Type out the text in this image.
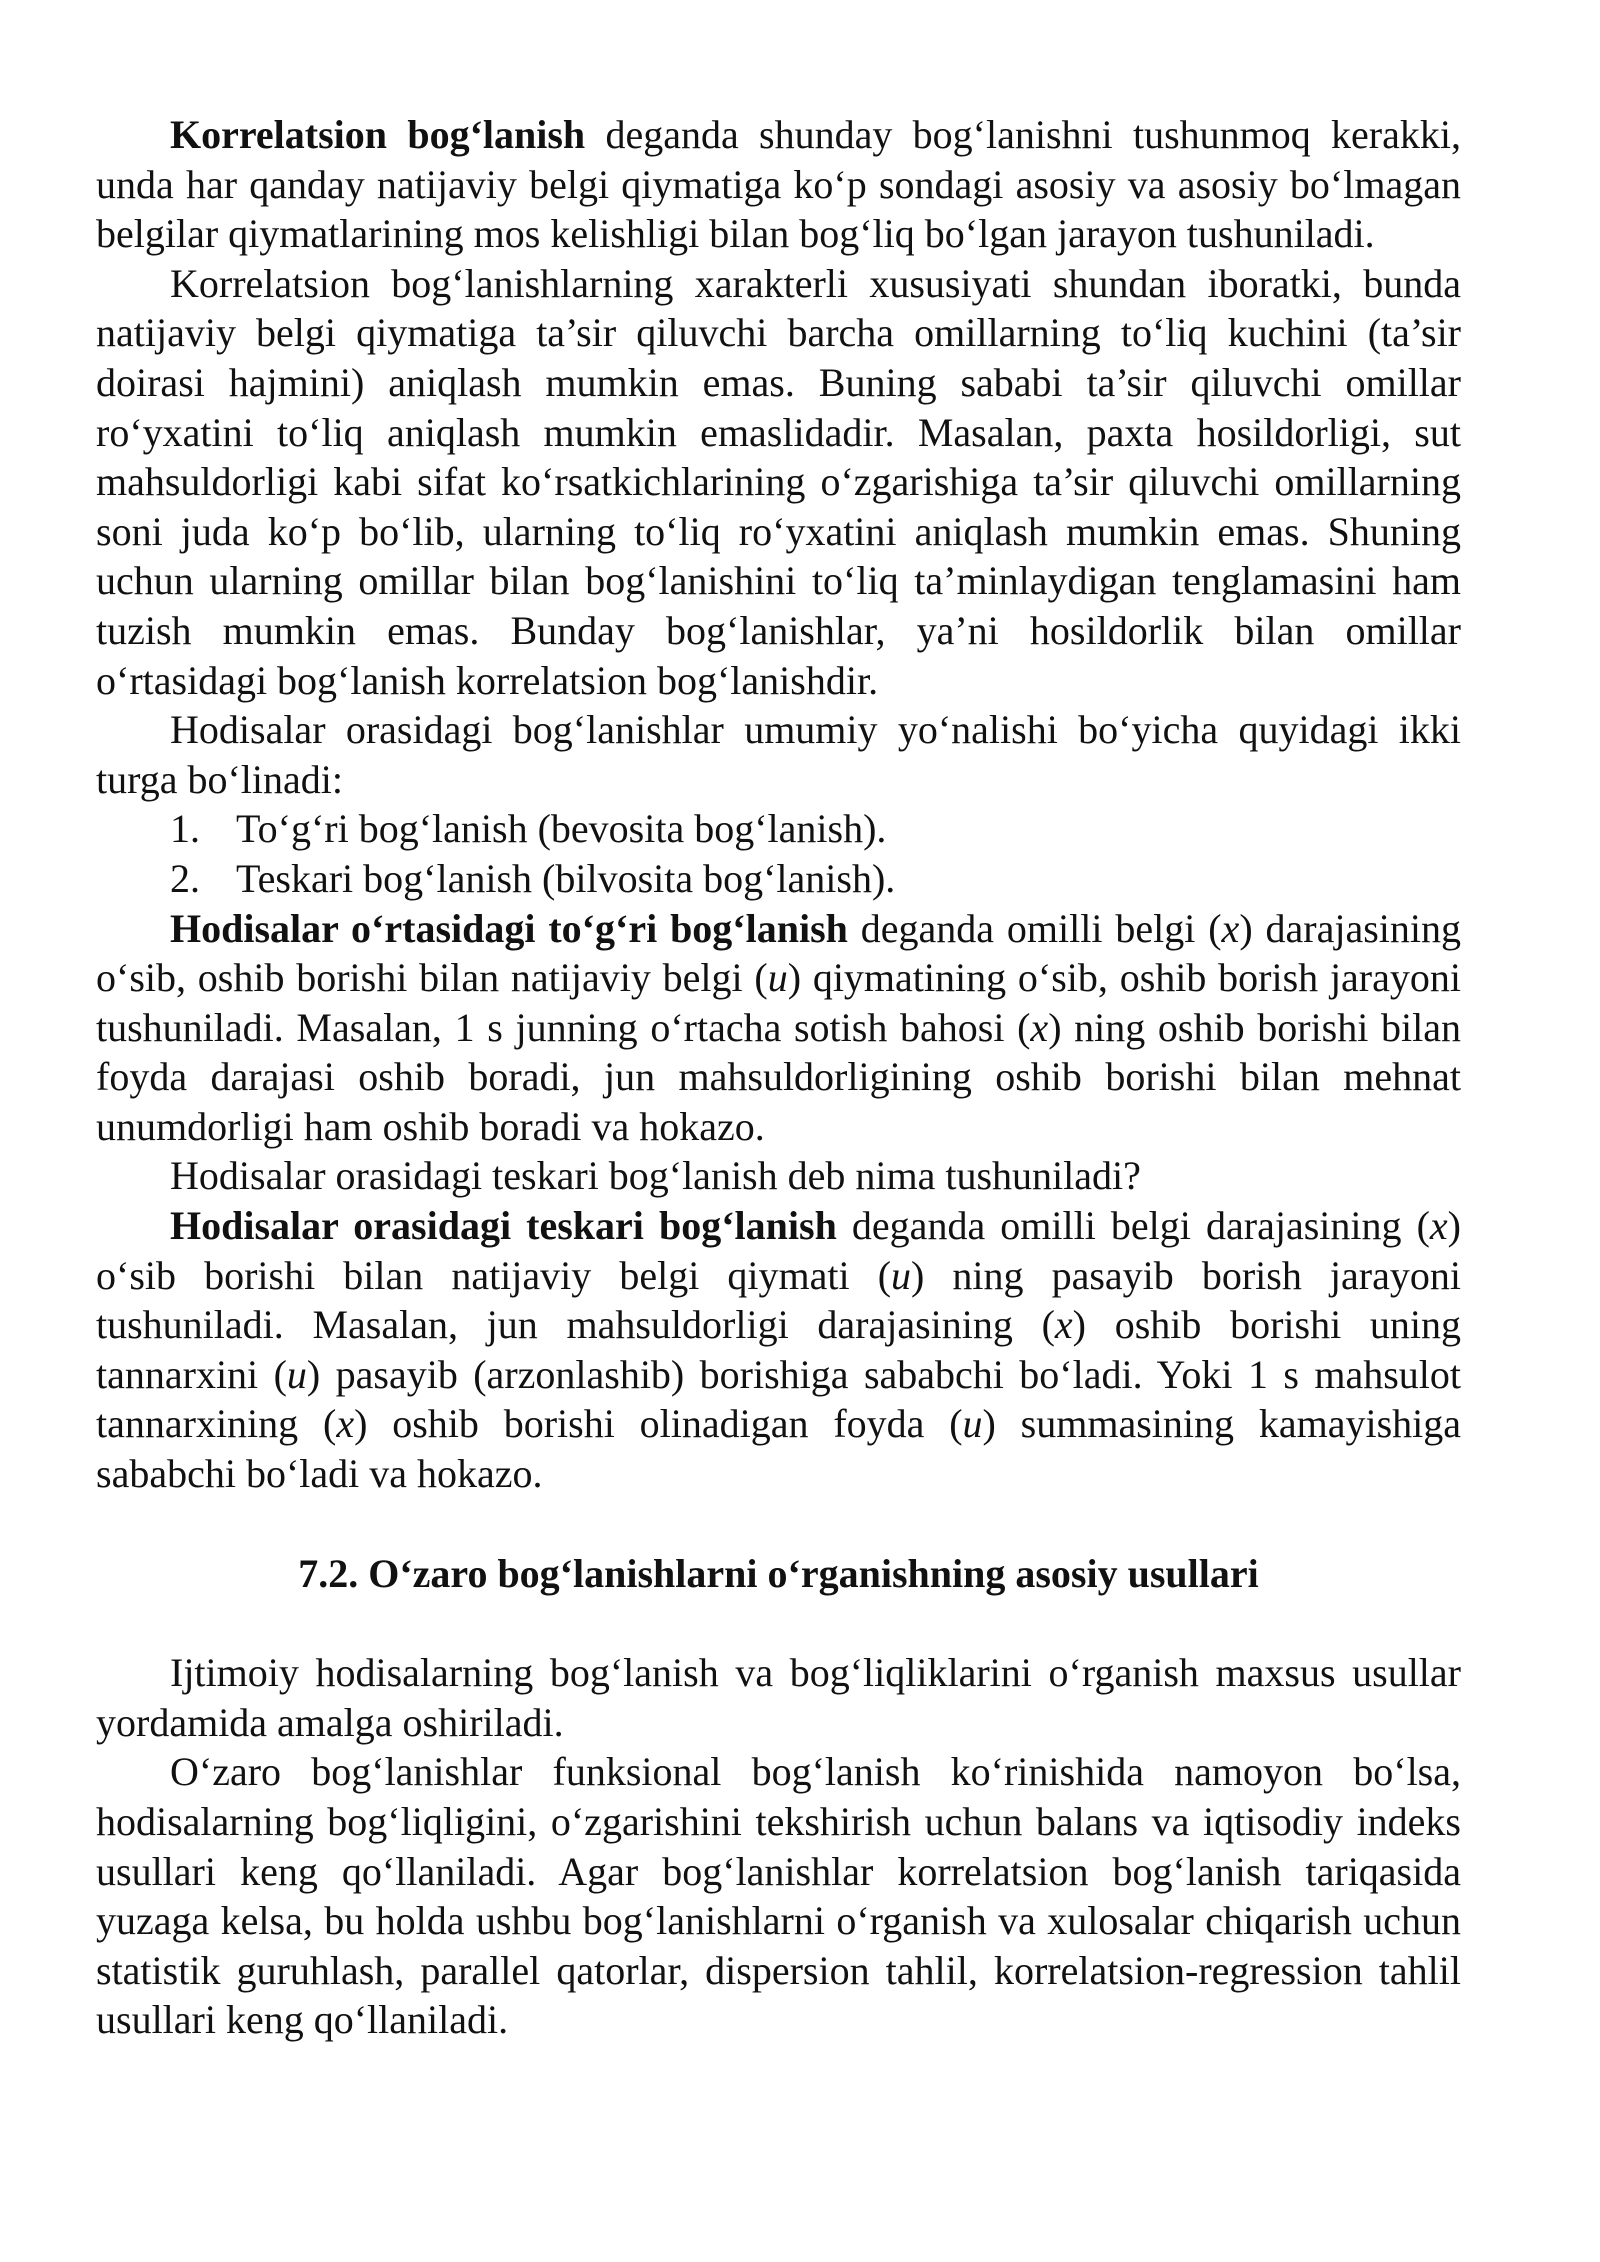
Korrelatsion bog‘lanish deganda shunday bog‘lanishni tushunmoq kerakki, unda har qanday natijaviy belgi qiymatiga ko‘p sondagi asosiy va asosiy bo‘lmagan belgilar qiymatlarining mos kelishligi bilan bog‘liq bo‘lgan jarayon tushuniladi.

Korrelatsion bog‘lanishlarning xarakterli xususiyati shundan iboratki, bunda natijaviy belgi qiymatiga ta’sir qiluvchi barcha omillarning to‘liq kuchini (ta’sir doirasi hajmini) aniqlash mumkin emas. Buning sababi ta’sir qiluvchi omillar ro‘yxatini to‘liq aniqlash mumkin emaslidadir. Masalan, paxta hosildorligi, sut mahsuldorligi kabi sifat ko‘rsatkichlarining o‘zgarishiga ta’sir qiluvchi omillarning soni juda ko‘p bo‘lib, ularning to‘liq ro‘yxatini aniqlash mumkin emas. Shuning uchun ularning omillar bilan bog‘lanishini to‘liq ta’minlaydigan tenglamasini ham tuzish mumkin emas. Bunday bog‘lanishlar, ya’ni hosildorlik bilan omillar o‘rtasidagi bog‘lanish korrelatsion bog‘lanishdir.

Hodisalar orasidagi bog‘lanishlar umumiy yo‘nalishi bo‘yicha quyidagi ikki turga bo‘linadi:

1. To‘g‘ri bog‘lanish (bevosita bog‘lanish).
2. Teskari bog‘lanish (bilvosita bog‘lanish).

Hodisalar o‘rtasidagi to‘g‘ri bog‘lanish deganda omilli belgi (x) darajasining o‘sib, oshib borishi bilan natijaviy belgi (u) qiymatining o‘sib, oshib borish jarayoni tushuniladi. Masalan, 1 s junning o‘rtacha sotish bahosi (x) ning oshib borishi bilan foyda darajasi oshib boradi, jun mahsuldorligining oshib borishi bilan mehnat unumdorligi ham oshib boradi va hokazo.

Hodisalar orasidagi teskari bog‘lanish deb nima tushuniladi?

Hodisalar orasidagi teskari bog‘lanish deganda omilli belgi darajasining (x) o‘sib borishi bilan natijaviy belgi qiymati (u) ning pasayib borish jarayoni tushuniladi. Masalan, jun mahsuldorligi darajasining (x) oshib borishi uning tannarxini (u) pasayib (arzonlashib) borishiga sababchi bo‘ladi. Yoki 1 s mahsulot tannarxining (x) oshib borishi olinadigan foyda (u) summasining kamayishiga sababchi bo‘ladi va hokazo.

7.2. O‘zaro bog‘lanishlarni o‘rganishning asosiy usullari

Ijtimoiy hodisalarning bog‘lanish va bog‘liqliklarini o‘rganish maxsus usullar yordamida amalga oshiriladi.

O‘zaro bog‘lanishlar funksional bog‘lanish ko‘rinishida namoyon bo‘lsa, hodisalarning bog‘liqligini, o‘zgarishini tekshirish uchun balans va iqtisodiy indeks usullari keng qo‘llaniladi. Agar bog‘lanishlar korrelatsion bog‘lanish tariqasida yuzaga kelsa, bu holda ushbu bog‘lanishlarni o‘rganish va xulosalar chiqarish uchun statistik guruhlash, parallel qatorlar, dispersion tahlil, korrelatsion-regression tahlil usullari keng qo‘llaniladi.
